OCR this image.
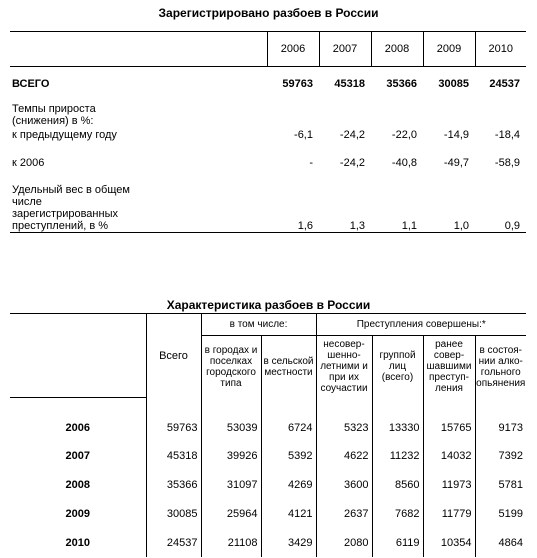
Зарегистрировано разбоев в России
	2006	2007	2008	2009	2010

ВСЕГО	59763	45318	35366	30085	24537

Темпы прироста (снижения) в %:					

к предыдущему году	-6,1	-24,2	-22,0	-14,9	-18,4

к 2006	-	-24,2	-40,8	-49,7	-58,9

Удельный вес в общем числе зарегистрированных преступлений, в %	1,6	1,3	1,1	1,0	0,9
Характеристика разбоев в России
	Всего	в том числе:		Преступления совершены:*			
		в городах и поселках городского типа	в сельской местности	несовер-шенно-летними и при их соучастии	группой лиц (всего)	ранее совер-шавшими преступ-ления	в состоя-нии алко-гольного опьянения

2006	59763	53039	6724	5323	13330	15765	9173
2007	45318	39926	5392	4622	11232	14032	7392
2008	35366	31097	4269	3600	8560	11973	5781
2009	30085	25964	4121	2637	7682	11779	5199
2010	24537	21108	3429	2080	6119	10354	4864
